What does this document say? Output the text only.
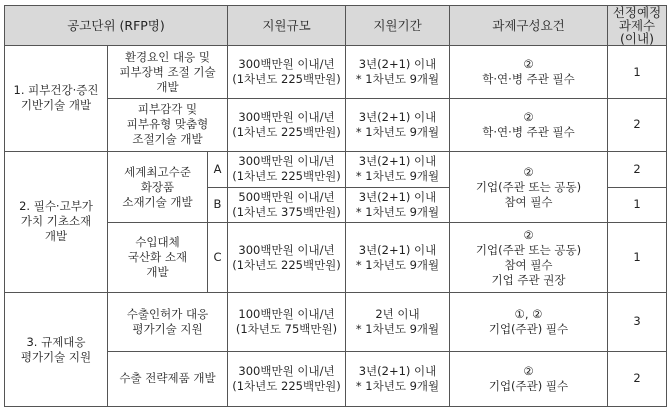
공고단위 (RFP명)			지원규모	지원기간	과제구성요건	선정예정
과제수
(이내)
1. 피부건강·증진
기반기술 개발	환경요인 대응 및
피부장벽 조절 기술
개발		300백만원 이내/년
(1차년도 225백만원)	3년(2+1) 이내
* 1차년도 9개월	②
학·연·병 주관 필수	1
	피부감각 및
피부유형 맞춤형
조절기술 개발		300백만원 이내/년
(1차년도 225백만원)	3년(2+1) 이내
* 1차년도 9개월	②
학·연·병 주관 필수	2
2. 필수·고부가
가치 기초소재
개발	세계최고수준
화장품
소재기술 개발	A	300백만원 이내/년
(1차년도 225백만원)	3년(2+1) 이내
* 1차년도 9개월	②
기업(주관 또는 공동)
참여 필수	2
		B	500백만원 이내/년
(1차년도 375백만원)	3년(2+1) 이내
* 1차년도 9개월		1
	수입대체
국산화 소재
개발	C	300백만원 이내/년
(1차년도 225백만원)	3년(2+1) 이내
* 1차년도 9개월	②
기업(주관 또는 공동)
참여 필수
기업 주관 권장	1
3. 규제대응
평가기술 지원	수출인허가 대응
평가기술 지원		100백만원 이내/년
(1차년도 75백만원)	2년 이내
* 1차년도 9개월	①, ②
기업(주관) 필수	3
	수출 전략제품 개발		300백만원 이내/년
(1차년도 225백만원)	3년(2+1) 이내
* 1차년도 9개월	②
기업(주관) 필수	2
